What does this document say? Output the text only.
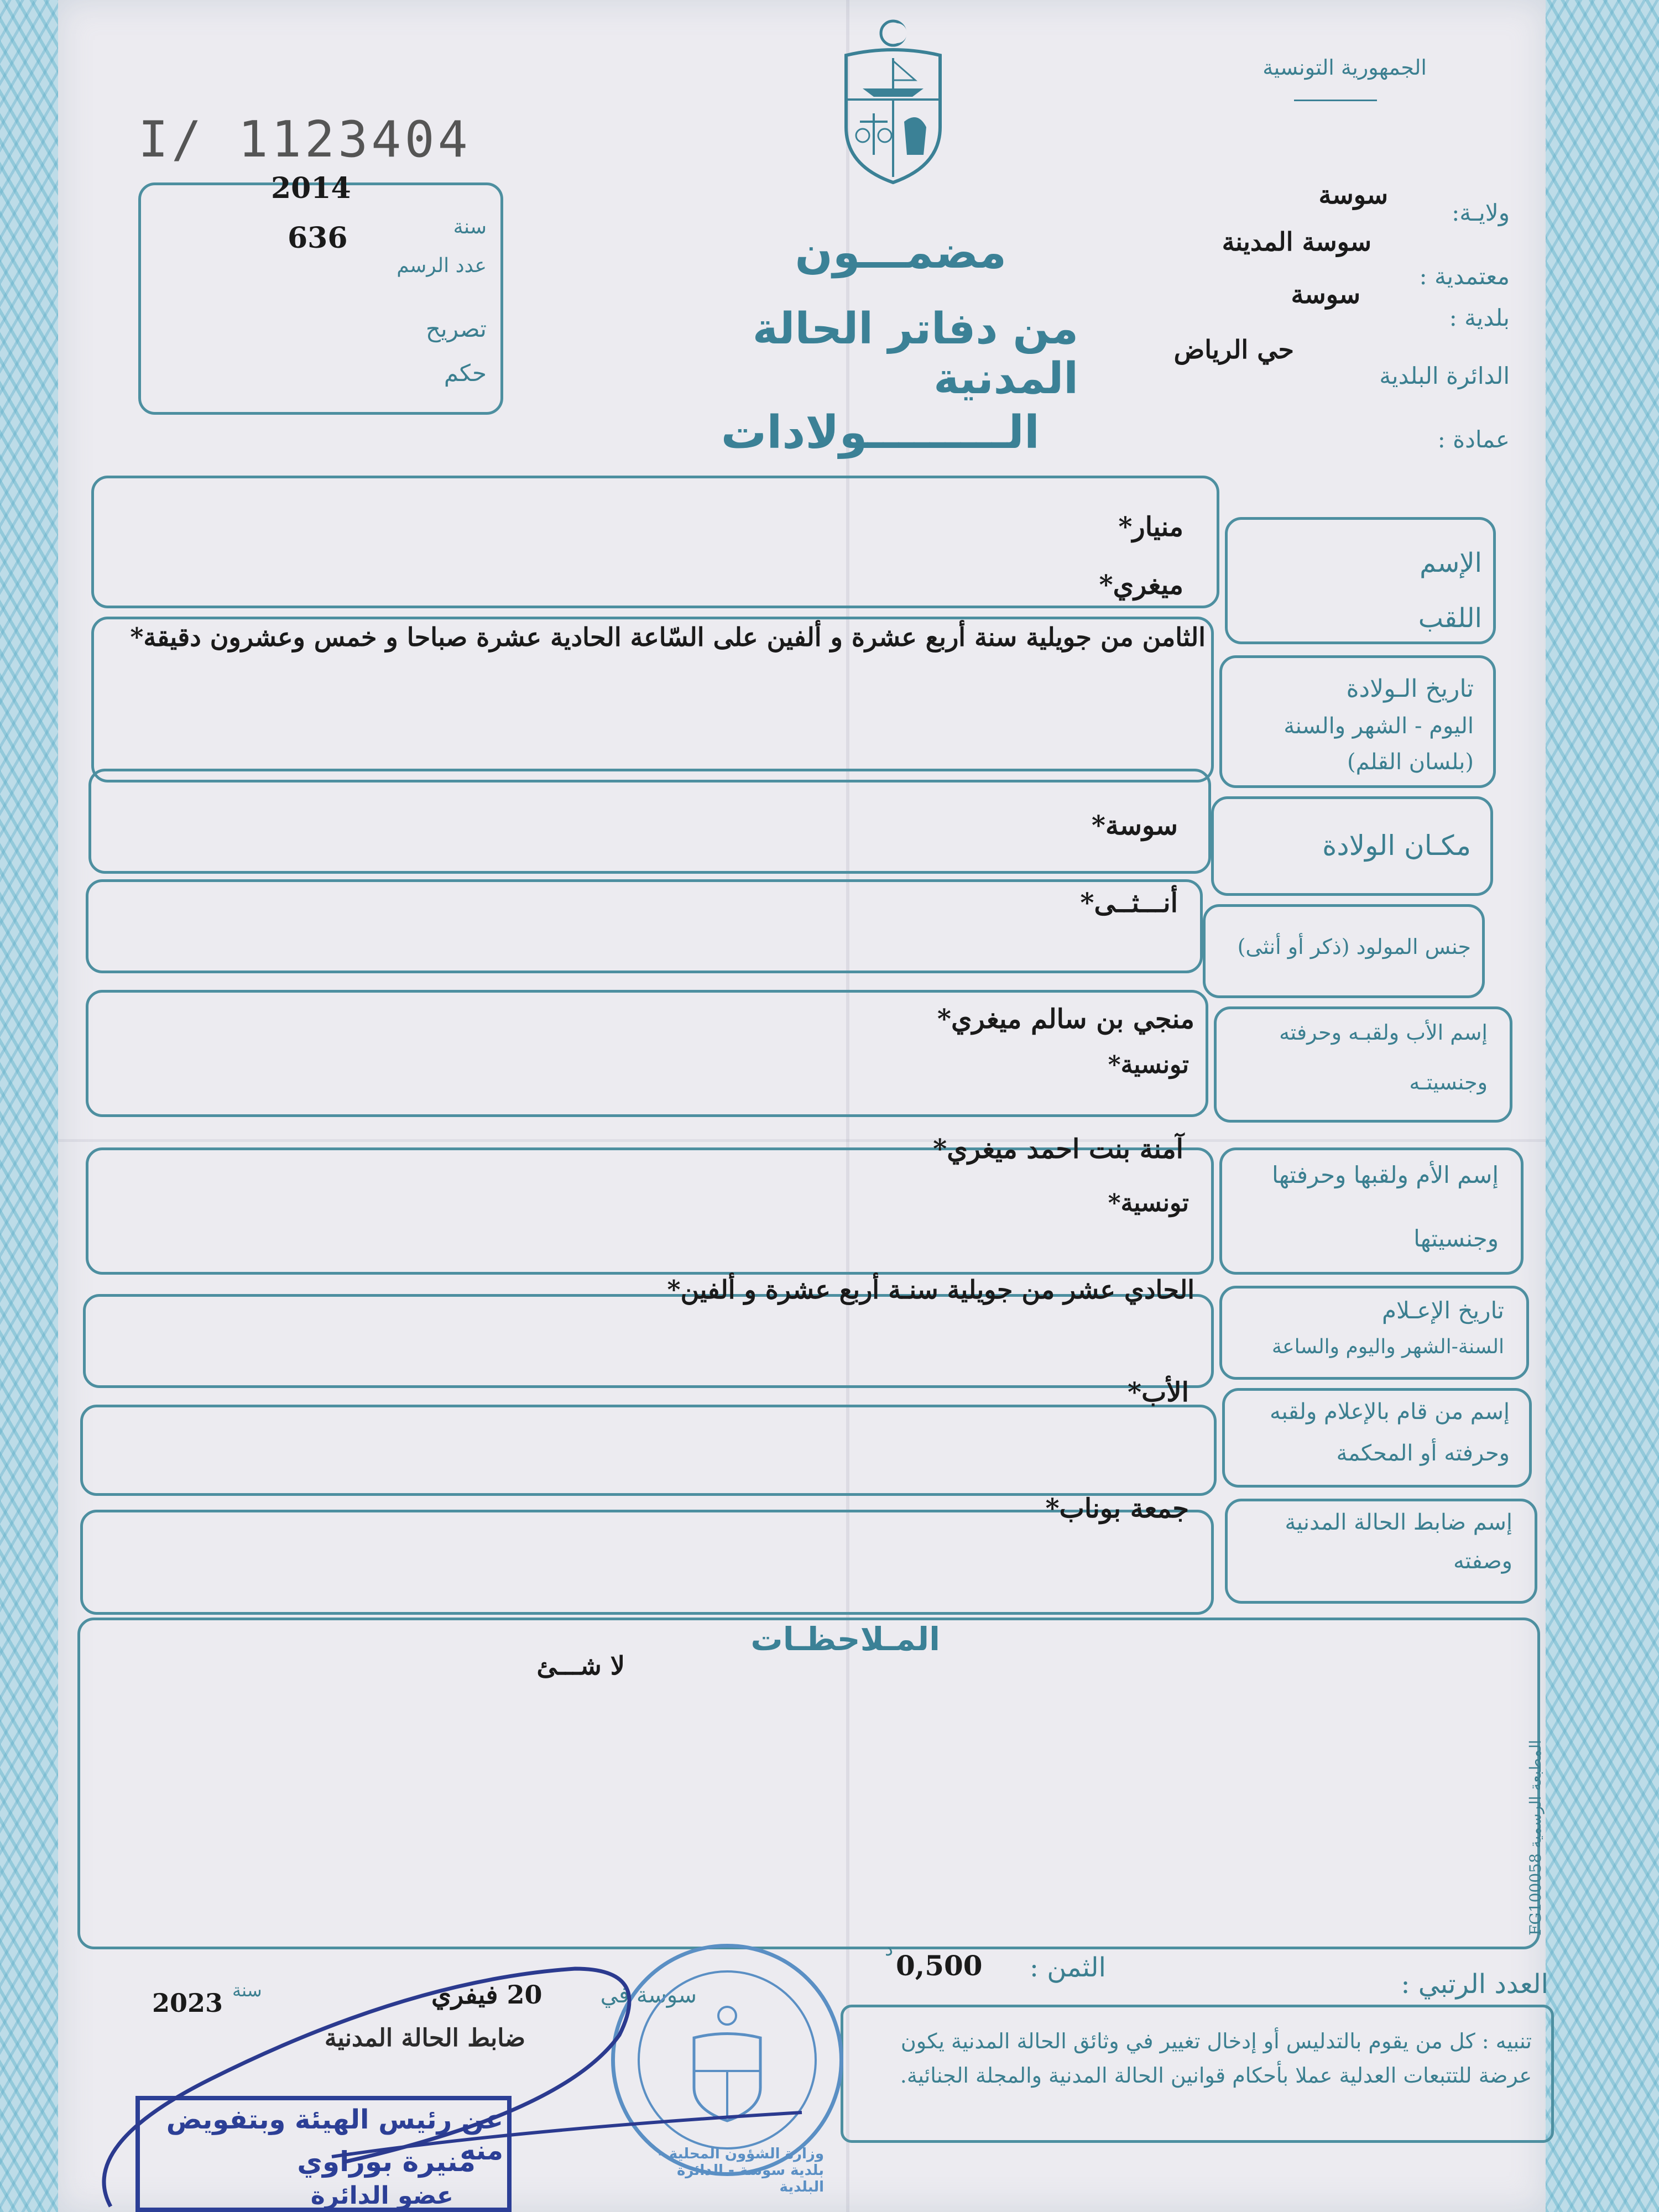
الجمهورية التونسية
I/ 1123404
2014
636	سنة
عدد الرسم
تصريح
حكم
مضمـــون
من دفاتر الحالة المدنية
الـــــــــولادات
ولايـة:
سوسة
معتمدية :
سوسة المدينة
بلدية :
سوسة
الدائرة البلدية
حي الرياض
عمادة :
الإسم
اللقب
منيار*
ميغري*
تاريخ الـولادة
اليوم - الشهر والسنة
(بلسان القلم)
الثامن من جويلية سنة أربع عشرة و ألفين على السّاعة الحادية عشرة صباحا و خمس وعشرون دقيقة*
مكـان الولادة
سوسة*
جنس المولود (ذكر أو أنثى)
أنـــثــى*
إسم الأب ولقبـه وحرفته
وجنسيتـه
منجي بن سالم ميغري*
تونسية*
إسم الأم ولقبها وحرفتها
وجنسيتها
آمنة بنت احمد ميغري*
تونسية*
تاريخ الإعـلام
السنة-الشهر واليوم والساعة
الحادي عشر من جويلية سنـة أربع عشرة و ألفين*
إسم من قام بالإعلام ولقبه
وحرفته أو المحكمة
الأب*
إسم ضابط الحالة المدنية
وصفته
جمعة بوناب*
المـلاحظـات
لا شـــئ
المطبعة الرسمية FG100058
العدد الرتبي :
الثمن :
0,500
د
تنبيه : كل من يقوم بالتدليس أو إدخال تغيير في وثائق الحالة المدنية يكون عرضة للتتبعات العدلية عملا بأحكام قوانين الحالة المدنية والمجلة الجنائية.
سوسة في
20 فيفري
سنة
2023
ضابط الحالة المدنية
وزارة الشؤون المحلية - بلدية سوسة - الدائرة البلدية
عن رئيس الهيئة وبتفويض منه
منيرة بوراوي
عضو الدائرة
